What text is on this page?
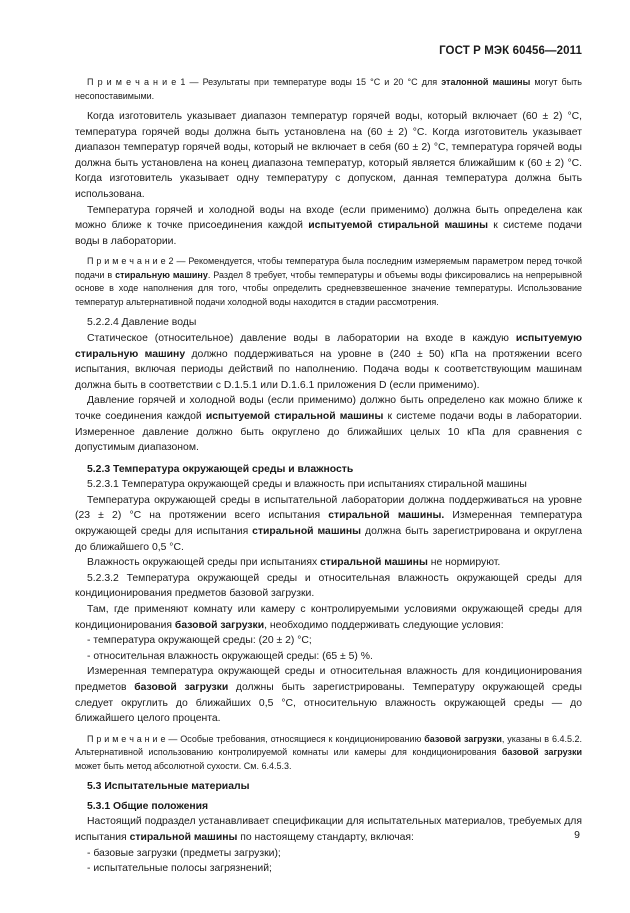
ГОСТ Р МЭК 60456—2011
П р и м е ч а н и е 1 — Результаты при температуре воды 15 °С и 20 °С для эталонной машины могут быть несопоставимыми.
Когда изготовитель указывает диапазон температур горячей воды, который включает (60 ± 2) °С, температура горячей воды должна быть установлена на (60 ± 2) °С. Когда изготовитель указывает диапазон температур горячей воды, который не включает в себя (60 ± 2) °С, температура горячей воды должна быть установлена на конец диапазона температур, который является ближайшим к (60 ± 2) °С. Когда изготовитель указывает одну температуру с допуском, данная температура должна быть использована.
Температура горячей и холодной воды на входе (если применимо) должна быть определена как можно ближе к точке присоединения каждой испытуемой стиральной машины к системе подачи воды в лаборатории.
П р и м е ч а н и е 2 — Рекомендуется, чтобы температура была последним измеряемым параметром перед точкой подачи в стиральную машину. Раздел 8 требует, чтобы температуры и объемы воды фиксировались на непрерывной основе в ходе наполнения для того, чтобы определить средневзвешенное значение температуры. Использование температур альтернативной подачи холодной воды находится в стадии рассмотрения.
5.2.2.4 Давление воды
Статическое (относительное) давление воды в лаборатории на входе в каждую испытуемую стиральную машину должно поддерживаться на уровне в (240 ± 50) кПа на протяжении всего испытания, включая периоды действий по наполнению. Подача воды к соответствующим машинам должна быть в соответствии с D.1.5.1 или D.1.6.1 приложения D (если применимо).
Давление горячей и холодной воды (если применимо) должно быть определено как можно ближе к точке соединения каждой испытуемой стиральной машины к системе подачи воды в лаборатории. Измеренное давление должно быть округлено до ближайших целых 10 кПа для сравнения с допустимым диапазоном.
5.2.3 Температура окружающей среды и влажность
5.2.3.1 Температура окружающей среды и влажность при испытаниях стиральной машины
Температура окружающей среды в испытательной лаборатории должна поддерживаться на уровне (23 ± 2) °С на протяжении всего испытания стиральной машины. Измеренная температура окружающей среды для испытания стиральной машины должна быть зарегистрирована и округлена до ближайшего 0,5 °С.
Влажность окружающей среды при испытаниях стиральной машины не нормируют.
5.2.3.2 Температура окружающей среды и относительная влажность окружающей среды для кондиционирования предметов базовой загрузки.
Там, где применяют комнату или камеру с контролируемыми условиями окружающей среды для кондиционирования базовой загрузки, необходимо поддерживать следующие условия:
- температура окружающей среды: (20 ± 2) °С;
- относительная влажность окружающей среды: (65 ± 5) %.
Измеренная температура окружающей среды и относительная влажность для кондиционирования предметов базовой загрузки должны быть зарегистрированы. Температуру окружающей среды следует округлить до ближайших 0,5 °С, относительную влажность окружающей среды — до ближайшего целого процента.
П р и м е ч а н и е — Особые требования, относящиеся к кондиционированию базовой загрузки, указаны в 6.4.5.2. Альтернативной использованию контролируемой комнаты или камеры для кондиционирования базовой загрузки может быть метод абсолютной сухости. См. 6.4.5.3.
5.3 Испытательные материалы
5.3.1 Общие положения
Настоящий подраздел устанавливает спецификации для испытательных материалов, требуемых для испытания стиральной машины по настоящему стандарту, включая:
- базовые загрузки (предметы загрузки);
- испытательные полосы загрязнений;
9
